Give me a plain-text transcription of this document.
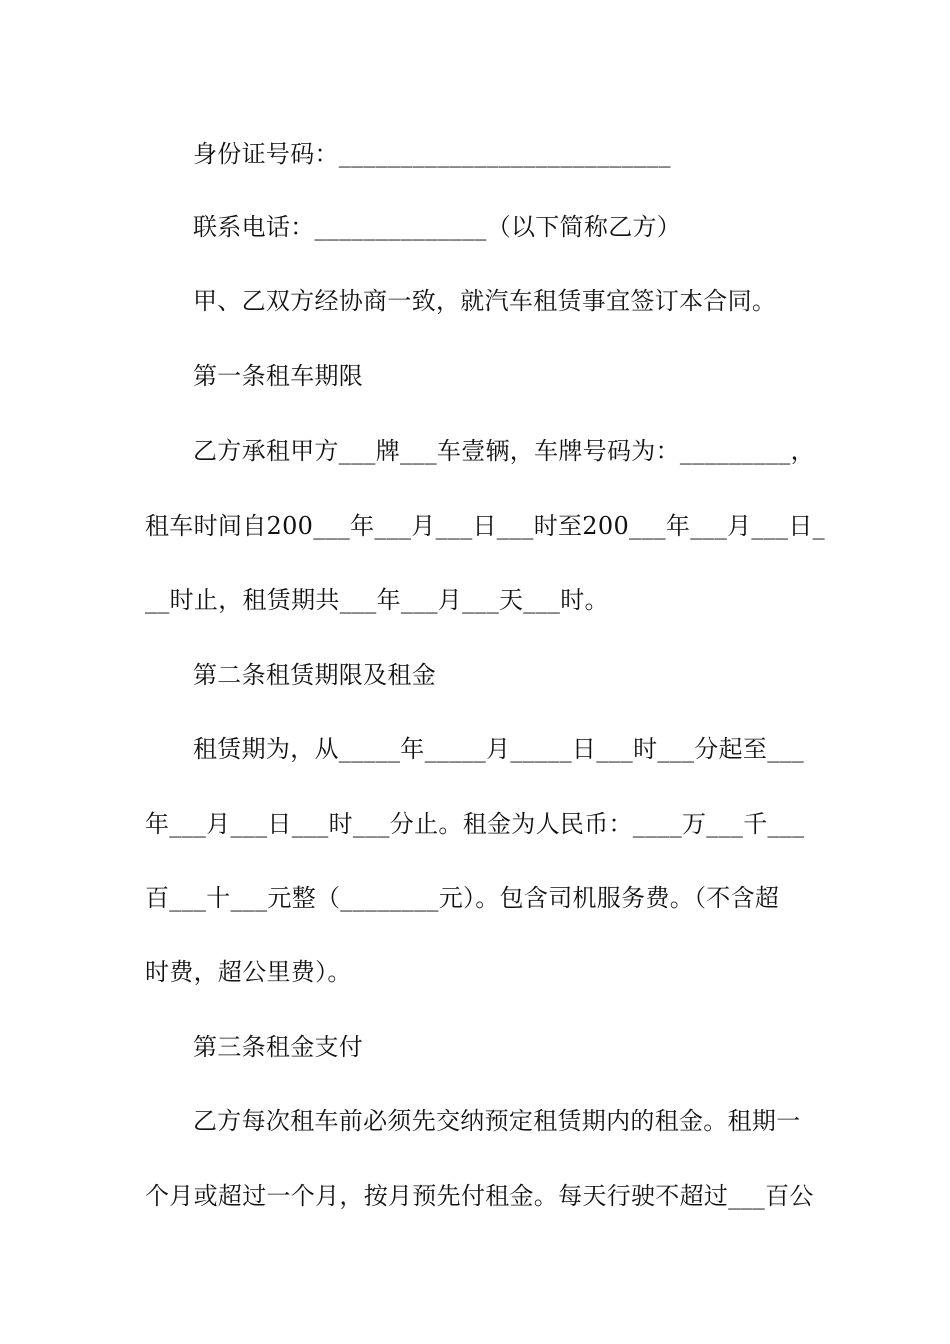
身份证号码：___________________________
联系电话：______________（以下简称乙方）
甲、乙双方经协商一致，就汽车租赁事宜签订本合同。
第一条租车期限
乙方承租甲方___牌___车壹辆，车牌号码为：_________，
租车时间自200___年___月___日___时至200___年___月___日_
__时止，租赁期共___年___月___天___时。
第二条租赁期限及租金
租赁期为，从_____年_____月_____日___时___分起至___
年___月___日___时___分止。租金为人民币：____万___千___
百___十___元整（________元）。包含司机服务费。（不含超
时费，超公里费）。
第三条租金支付
乙方每次租车前必须先交纳预定租赁期内的租金。租期一
个月或超过一个月，按月预先付租金。每天行驶不超过___百公
